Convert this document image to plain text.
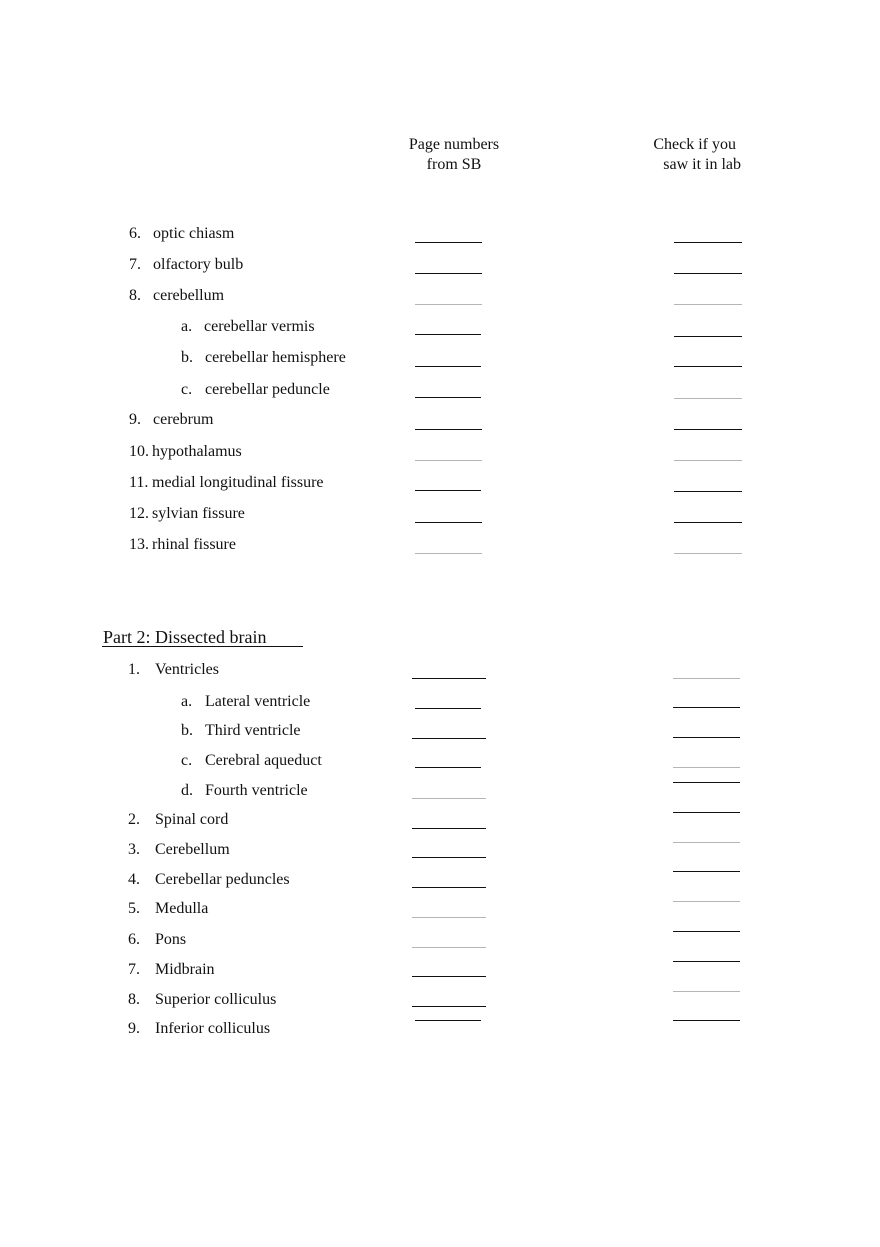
Page numbers
from SB
Check if you
saw it in lab
6. optic chiasm
7. olfactory bulb
8. cerebellum
a. cerebellar vermis
b. cerebellar hemisphere
c. cerebellar peduncle
9. cerebrum
10. hypothalamus
11. medial longitudinal fissure
12. sylvian fissure
13. rhinal fissure
Part 2: Dissected brain
1. Ventricles
a. Lateral ventricle
b. Third ventricle
c. Cerebral aqueduct
d. Fourth ventricle
2. Spinal cord
3. Cerebellum
4. Cerebellar peduncles
5. Medulla
6. Pons
7. Midbrain
8. Superior colliculus
9. Inferior colliculus
